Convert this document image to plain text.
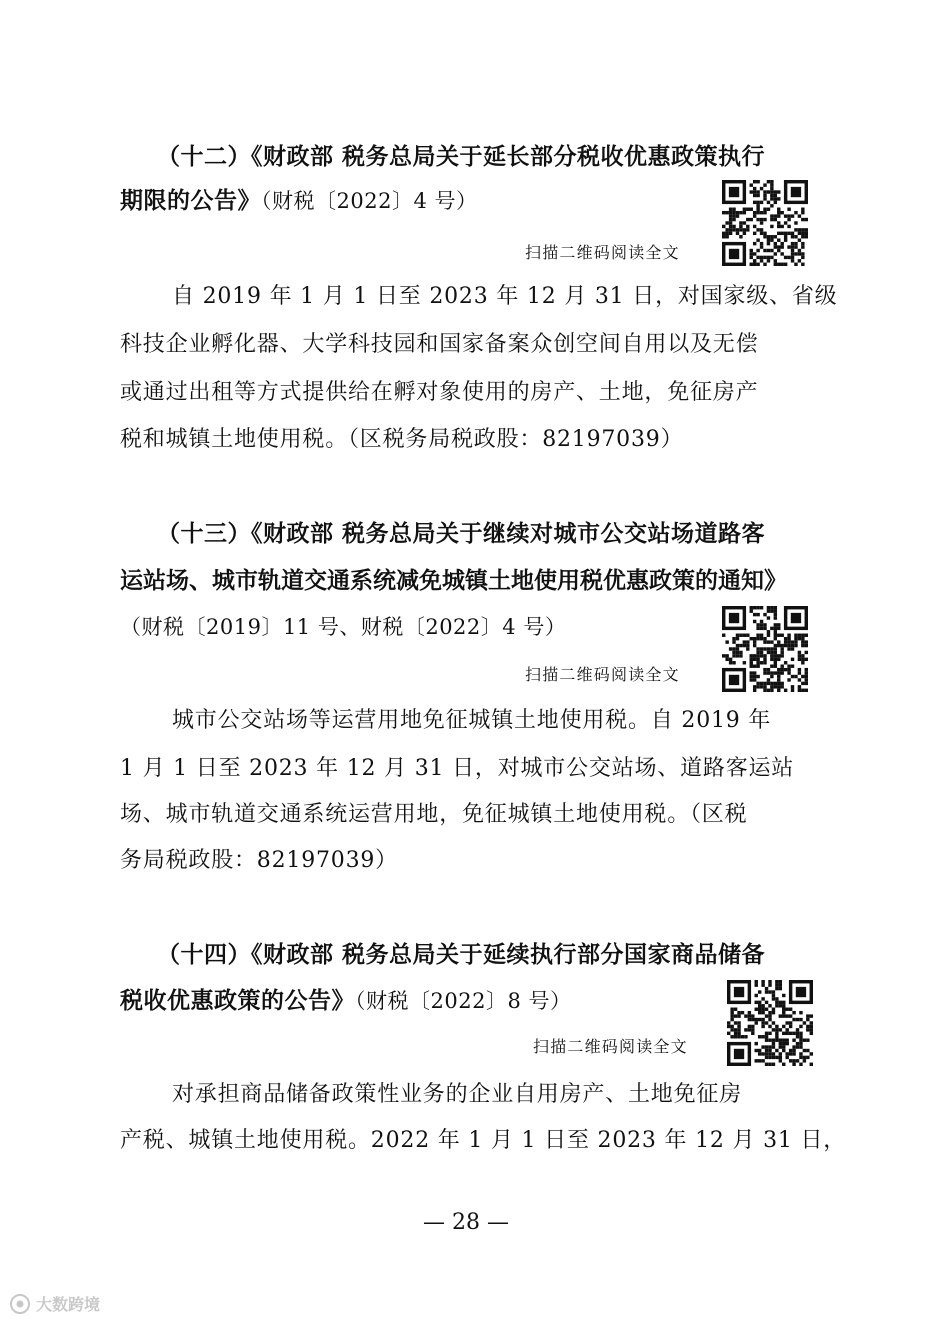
（十二）《财政部 税务总局关于延长部分税收优惠政策执行
期限的公告》（财税〔2022〕4 号）
扫描二维码阅读全文
自 2019 年 1 月 1 日至 2023 年 12 月 31 日，对国家级、省级
科技企业孵化器、大学科技园和国家备案众创空间自用以及无偿
或通过出租等方式提供给在孵对象使用的房产、土地，免征房产
税和城镇土地使用税。（区税务局税政股：82197039）
（十三）《财政部 税务总局关于继续对城市公交站场道路客
运站场、城市轨道交通系统减免城镇土地使用税优惠政策的通知》
（财税〔2019〕11 号、财税〔2022〕4 号）
扫描二维码阅读全文
城市公交站场等运营用地免征城镇土地使用税。自 2019 年
1 月 1 日至 2023 年 12 月 31 日，对城市公交站场、道路客运站
场、城市轨道交通系统运营用地，免征城镇土地使用税。（区税
务局税政股：82197039）
（十四）《财政部 税务总局关于延续执行部分国家商品储备
税收优惠政策的公告》（财税〔2022〕8 号）
扫描二维码阅读全文
对承担商品储备政策性业务的企业自用房产、土地免征房
产税、城镇土地使用税。2022 年 1 月 1 日至 2023 年 12 月 31 日，
— 28 —
大数跨境
